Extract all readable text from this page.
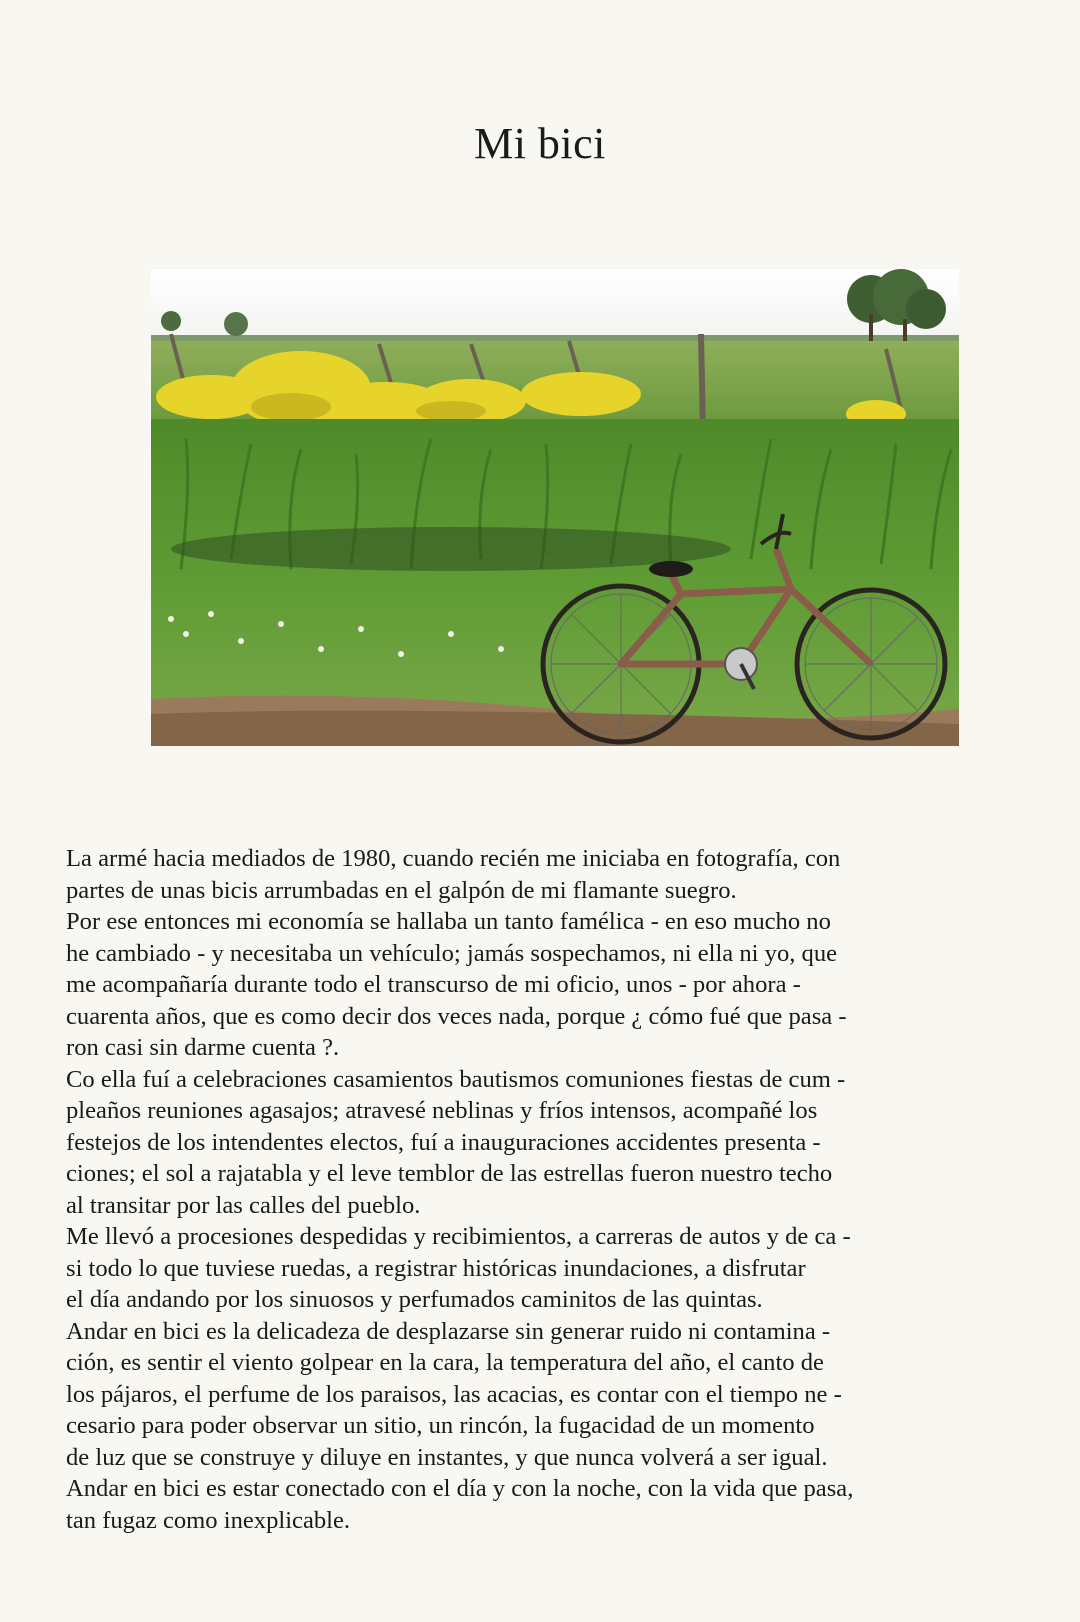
Mi bici
La armé hacia mediados de 1980, cuando recién me iniciaba en fotografía, con
partes de unas bicis arrumbadas en el galpón de mi flamante suegro.
Por ese entonces mi economía se hallaba un tanto famélica - en eso mucho no
he cambiado - y necesitaba un vehículo; jamás sospechamos, ni ella ni yo, que
me acompañaría durante todo el transcurso de mi oficio, unos - por ahora -
cuarenta años, que es como decir dos veces nada, porque ¿ cómo fué que pasa -
ron casi sin darme cuenta ?.
Co ella fuí a celebraciones casamientos bautismos comuniones fiestas de cum -
pleaños reuniones agasajos; atravesé neblinas y fríos intensos, acompañé los
festejos de los intendentes electos, fuí a inauguraciones accidentes presenta -
ciones; el sol a rajatabla y el leve temblor de las estrellas fueron nuestro techo
al transitar por las calles del pueblo.
Me llevó a procesiones despedidas y recibimientos, a carreras de autos y de ca -
si todo lo que tuviese ruedas, a registrar históricas inundaciones, a disfrutar
el día andando por los sinuosos y perfumados caminitos de las quintas.
Andar en bici es la delicadeza de desplazarse sin generar ruido ni contamina -
ción, es sentir el viento golpear en la cara, la temperatura del año, el canto de
los pájaros, el perfume de los paraisos, las acacias, es contar con el tiempo ne -
cesario para poder observar un sitio, un rincón, la fugacidad de un momento
de luz que se construye y diluye en instantes, y que nunca volverá a ser igual.
Andar en bici es estar conectado con el día y con la noche, con la vida que pasa,
tan fugaz como inexplicable.
